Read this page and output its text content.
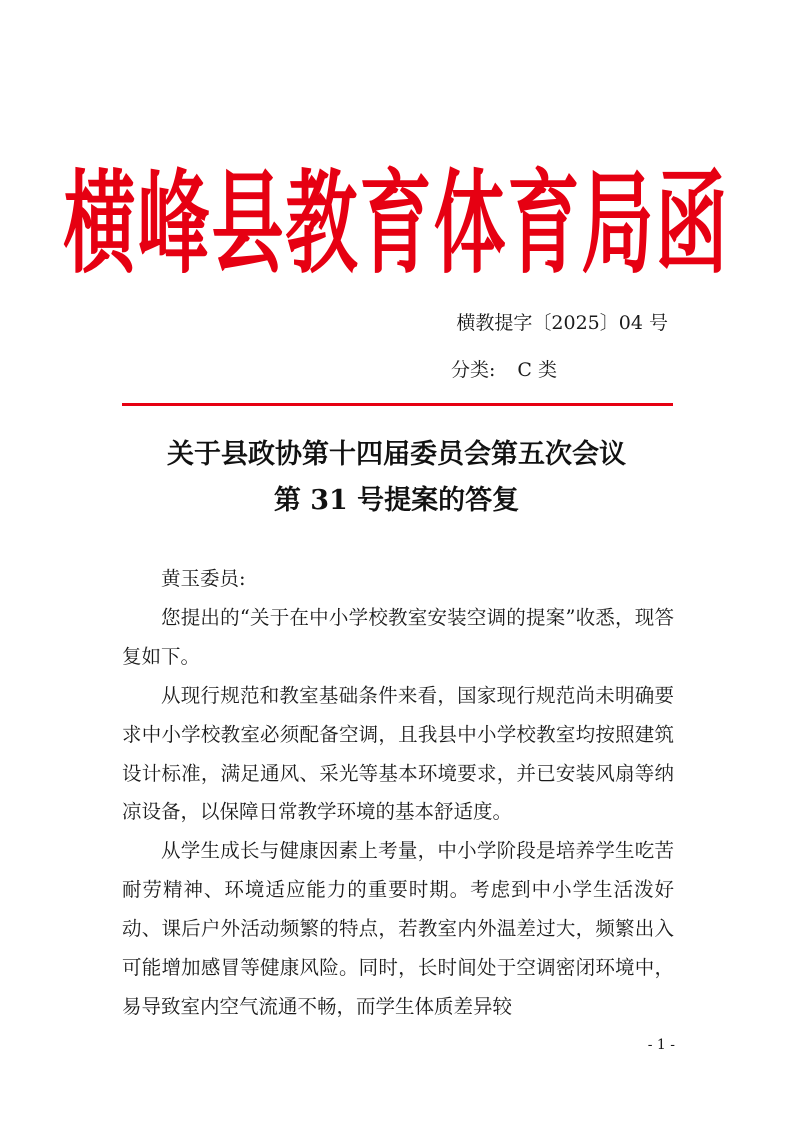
横峰县教育体育局函
横教提字〔2025〕04 号
分类: C 类
关于县政协第十四届委员会第五次会议
第 31 号提案的答复

黄玉委员:

您提出的“关于在中小学校教室安装空调的提案”收悉，现答复如下。

从现行规范和教室基础条件来看，国家现行规范尚未明确要求中小学校教室必须配备空调，且我县中小学校教室均按照建筑设计标准，满足通风、采光等基本环境要求，并已安装风扇等纳凉设备，以保障日常教学环境的基本舒适度。

从学生成长与健康因素上考量，中小学阶段是培养学生吃苦耐劳精神、环境适应能力的重要时期。考虑到中小学生活泼好动、课后户外活动频繁的特点，若教室内外温差过大，频繁出入可能增加感冒等健康风险。同时，长时间处于空调密闭环境中，易导致室内空气流通不畅，而学生体质差异较

- 1 -
